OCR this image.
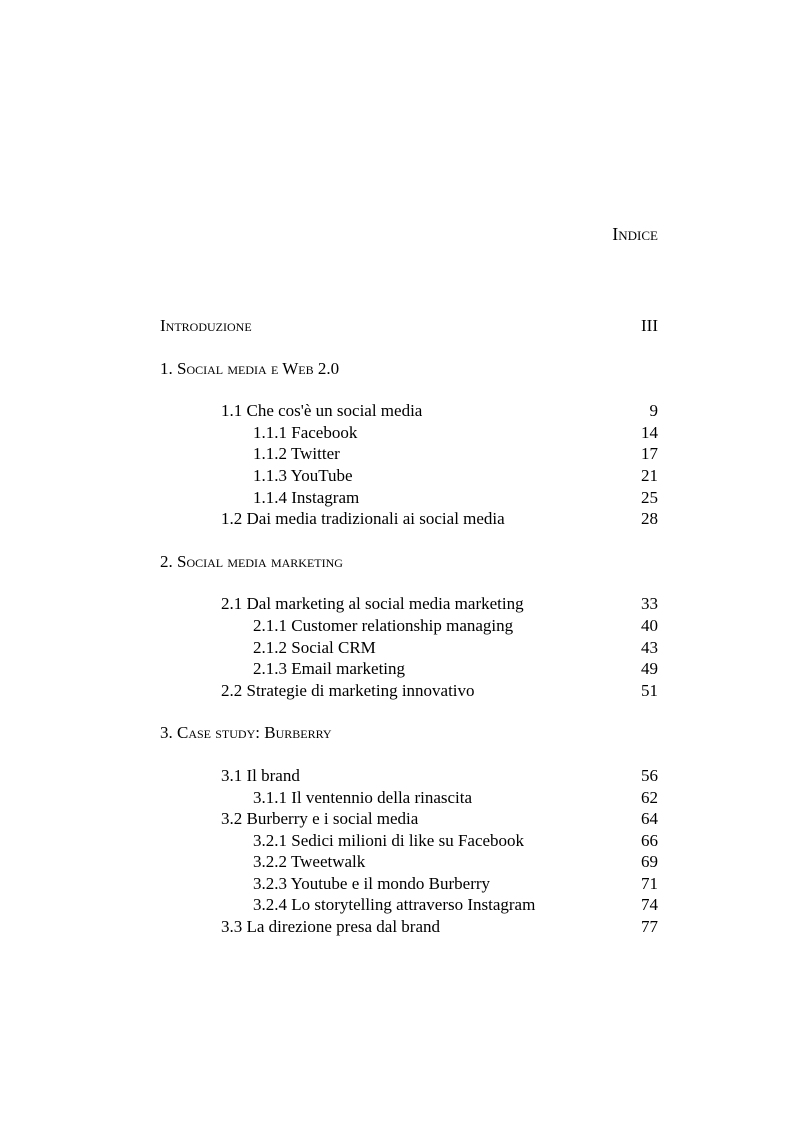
Indice
Introduzione	III
1. Social media e Web 2.0
1.1 Che cos'è un social media	9
1.1.1 Facebook	14
1.1.2 Twitter	17
1.1.3 YouTube	21
1.1.4 Instagram	25
1.2 Dai media tradizionali ai social media	28
2. Social media marketing
2.1 Dal marketing al social media marketing	33
2.1.1 Customer relationship managing	40
2.1.2 Social CRM	43
2.1.3 Email marketing	49
2.2 Strategie di marketing innovativo	51
3. Case study: Burberry
3.1 Il brand	56
3.1.1 Il ventennio della rinascita	62
3.2 Burberry e i social media	64
3.2.1 Sedici milioni di like su Facebook	66
3.2.2 Tweetwalk	69
3.2.3 Youtube e il mondo Burberry	71
3.2.4 Lo storytelling attraverso Instagram	74
3.3 La direzione presa dal brand	77
